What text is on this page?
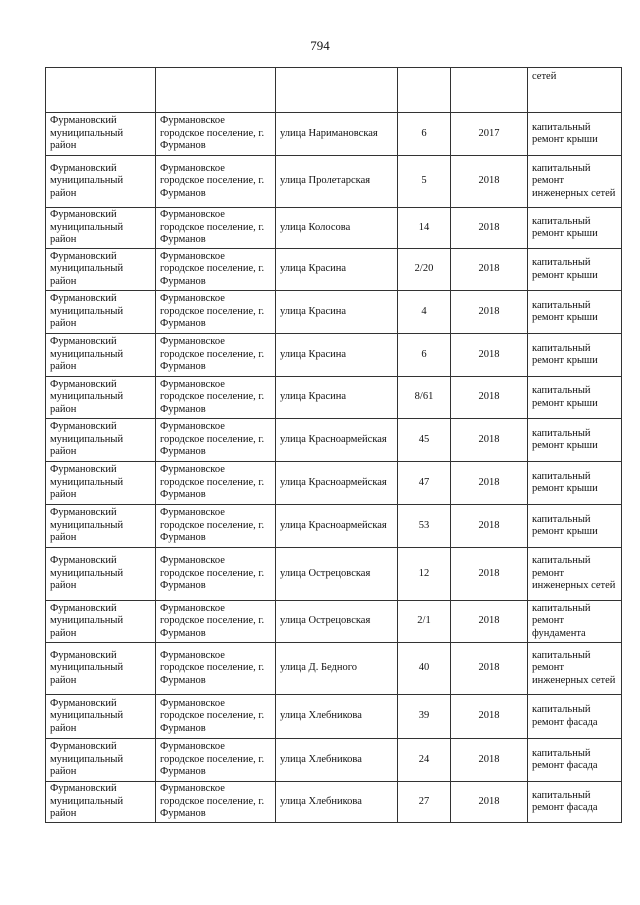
794
					сетей
Фурмановский муниципальный район	Фурмановское городское поселение, г. Фурманов	улица Наримановская	6	2017	капитальный ремонт крыши
Фурмановский муниципальный район	Фурмановское городское поселение, г. Фурманов	улица Пролетарская	5	2018	капитальный ремонт инженерных сетей
Фурмановский муниципальный район	Фурмановское городское поселение, г. Фурманов	улица Колосова	14	2018	капитальный ремонт крыши
Фурмановский муниципальный район	Фурмановское городское поселение, г. Фурманов	улица Красина	2/20	2018	капитальный ремонт крыши
Фурмановский муниципальный район	Фурмановское городское поселение, г. Фурманов	улица Красина	4	2018	капитальный ремонт крыши
Фурмановский муниципальный район	Фурмановское городское поселение, г. Фурманов	улица Красина	6	2018	капитальный ремонт крыши
Фурмановский муниципальный район	Фурмановское городское поселение, г. Фурманов	улица Красина	8/61	2018	капитальный ремонт крыши
Фурмановский муниципальный район	Фурмановское городское поселение, г. Фурманов	улица Красноармейская	45	2018	капитальный ремонт крыши
Фурмановский муниципальный район	Фурмановское городское поселение, г. Фурманов	улица Красноармейская	47	2018	капитальный ремонт крыши
Фурмановский муниципальный район	Фурмановское городское поселение, г. Фурманов	улица Красноармейская	53	2018	капитальный ремонт крыши
Фурмановский муниципальный район	Фурмановское городское поселение, г. Фурманов	улица Острецовская	12	2018	капитальный ремонт инженерных сетей
Фурмановский муниципальный район	Фурмановское городское поселение, г. Фурманов	улица Острецовская	2/1	2018	капитальный ремонт фундамента
Фурмановский муниципальный район	Фурмановское городское поселение, г. Фурманов	улица Д. Бедного	40	2018	капитальный ремонт инженерных сетей
Фурмановский муниципальный район	Фурмановское городское поселение, г. Фурманов	улица Хлебникова	39	2018	капитальный ремонт фасада
Фурмановский муниципальный район	Фурмановское городское поселение, г. Фурманов	улица Хлебникова	24	2018	капитальный ремонт фасада
Фурмановский муниципальный район	Фурмановское городское поселение, г. Фурманов	улица Хлебникова	27	2018	капитальный ремонт фасада
